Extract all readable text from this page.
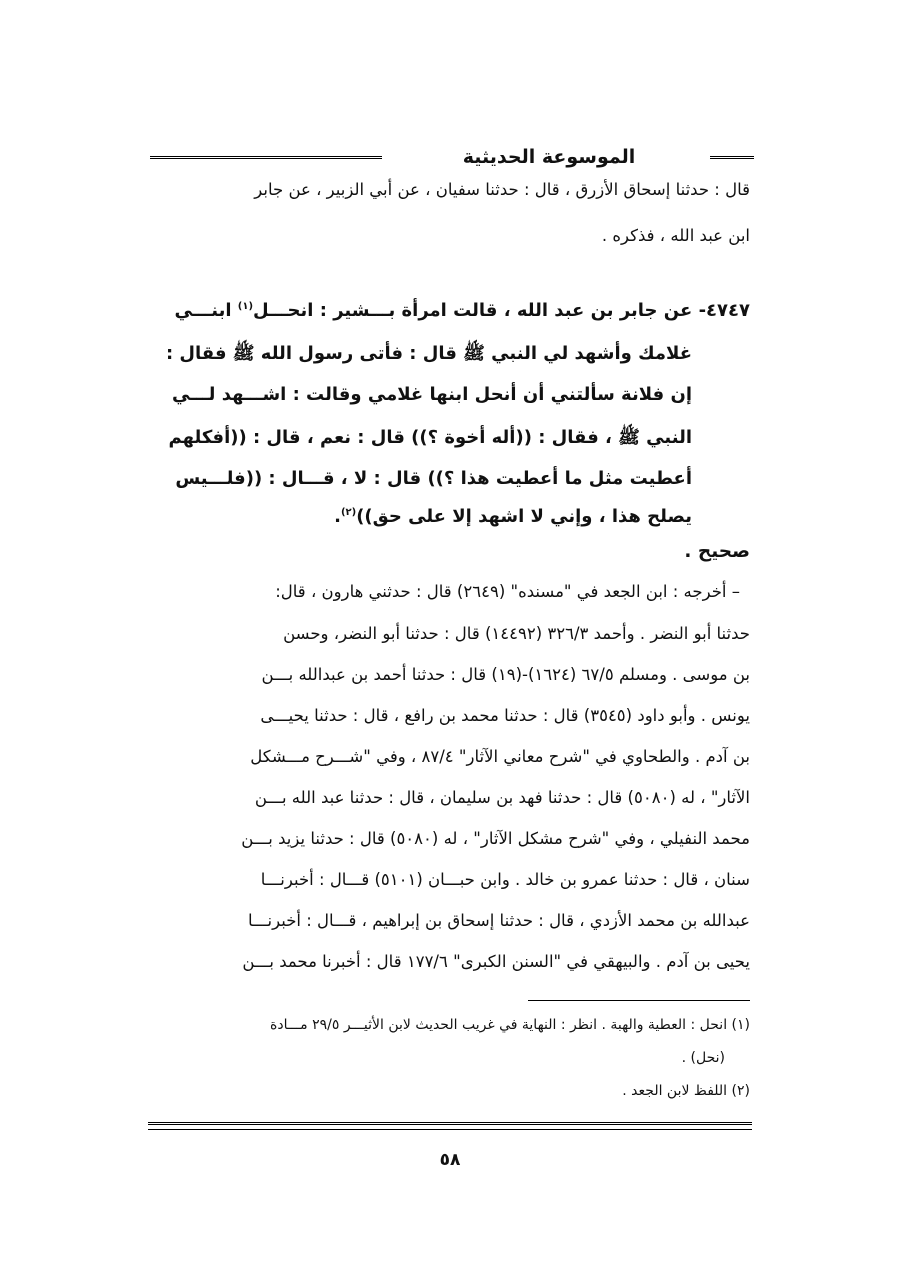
الموسوعة الحديثية
قال : حدثنا إسحاق الأزرق ، قال : حدثنا سفيان ، عن أبي الزبير ، عن جابر
ابن عبد الله ، فذكره .
٤٧٤٧- عن جابر بن عبد الله ، قالت امرأة بـــشير : انحـــل$^{(١)}$ ابنـــي
غلامك وأشهد لي النبي ﷺ قال : فأتى رسول الله ﷺ فقال :
إن فلانة سألتني أن أنحل ابنها غلامي وقالت : اشـــهد لـــي
النبي ﷺ ، فقال : ((أله أخوة ؟)) قال : نعم ، قال : ((أفكلهم
أعطيت مثل ما أعطيت هذا ؟)) قال : لا ، قـــال : ((فلـــيس
يصلح هذا ، وإني لا اشهد إلا على حق))$^{(٢)}$.
صحيح .
– أخرجه : ابن الجعد في "مسنده" (٢٦٤٩) قال : حدثني هارون ، قال:
حدثنا أبو النضر . وأحمد ٣٢٦/٣ (١٤٤٩٢) قال : حدثنا أبو النضر، وحسن
بن موسى . ومسلم ٦٧/٥ (١٦٢٤)-(١٩) قال : حدثنا أحمد بن عبدالله بـــن
يونس . وأبو داود (٣٥٤٥) قال : حدثنا محمد بن رافع ، قال : حدثنا يحيـــى
بن آدم . والطحاوي في "شرح معاني الآثار" ٨٧/٤ ، وفي "شـــرح مـــشكل
الآثار" ، له (٥٠٨٠) قال : حدثنا فهد بن سليمان ، قال : حدثنا عبد الله بـــن
محمد النفيلي ، وفي "شرح مشكل الآثار" ، له (٥٠٨٠) قال : حدثنا يزيد بـــن
سنان ، قال : حدثنا عمرو بن خالد . وابن حبـــان (٥١٠١) قـــال : أخبرنـــا
عبدالله بن محمد الأزدي ، قال : حدثنا إسحاق بن إبراهيم ، قـــال : أخبرنـــا
يحيى بن آدم . والبيهقي في "السنن الكبرى" ١٧٧/٦ قال : أخبرنا محمد بـــن
(١) انحل : العطية والهبة . انظر : النهاية في غريب الحديث لابن الأثيـــر ٢٩/٥ مـــادة
(نحل) .
(٢) اللفظ لابن الجعد .
٥٨
